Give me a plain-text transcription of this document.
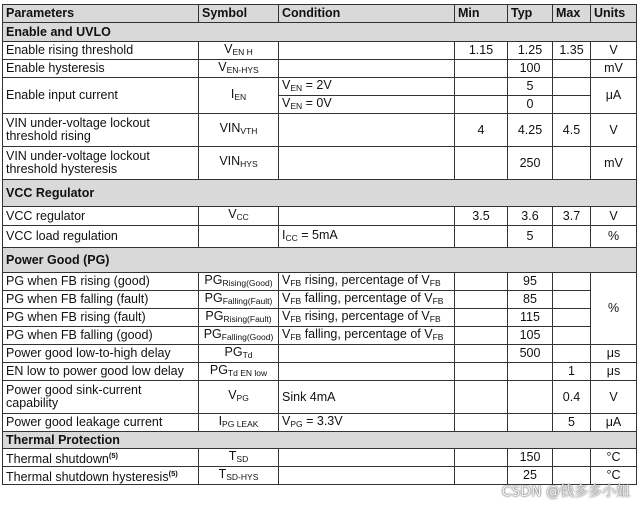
Parameters	Symbol	Condition	Min	Typ	Max	Units
Enable and UVLO						
Enable rising threshold	$V_{EN H}$		1.15	1.25	1.35	V
Enable hysteresis	$V_{EN-HYS}$			100		mV
Enable input current	$I_{EN}$	$V_{EN} = 2V$		5		μA
		$V_{EN} = 0V$		0		
VIN under-voltage lockout threshold rising	$VIN_{VTH}$		4	4.25	4.5	V
VIN under-voltage lockout threshold hysteresis	$VIN_{HYS}$			250		mV
VCC Regulator						
VCC regulator	$V_{CC}$		3.5	3.6	3.7	V
VCC load regulation		$I_{CC} = 5mA$		5		%
Power Good (PG)						
PG when FB rising (good)	$PG_{Rising(Good)}$	$V_{FB}$ rising, percentage of $V_{FB}$		95		%
PG when FB falling (fault)	$PG_{Falling(Fault)}$	$V_{FB}$ falling, percentage of $V_{FB}$		85		
PG when FB rising (fault)	$PG_{Rising(Fault)}$	$V_{FB}$ rising, percentage of $V_{FB}$		115		
PG when FB falling (good)	$PG_{Falling(Good)}$	$V_{FB}$ falling, percentage of $V_{FB}$		105		
Power good low-to-high delay	$PG_{Td}$			500		μs
EN low to power good low delay	$PG_{Td EN low}$				1	μs
Power good sink-current capability	$V_{PG}$	Sink 4mA			0.4	V
Power good leakage current	$I_{PG LEAK}$	$V_{PG} = 3.3V$			5	μA
Thermal Protection						
Thermal shutdown$^{(5)}$	$T_{SD}$			150		°C
Thermal shutdown hysteresis$^{(5)}$	$T_{SD-HYS}$			25		°C
CSDN @钱多多小姐
